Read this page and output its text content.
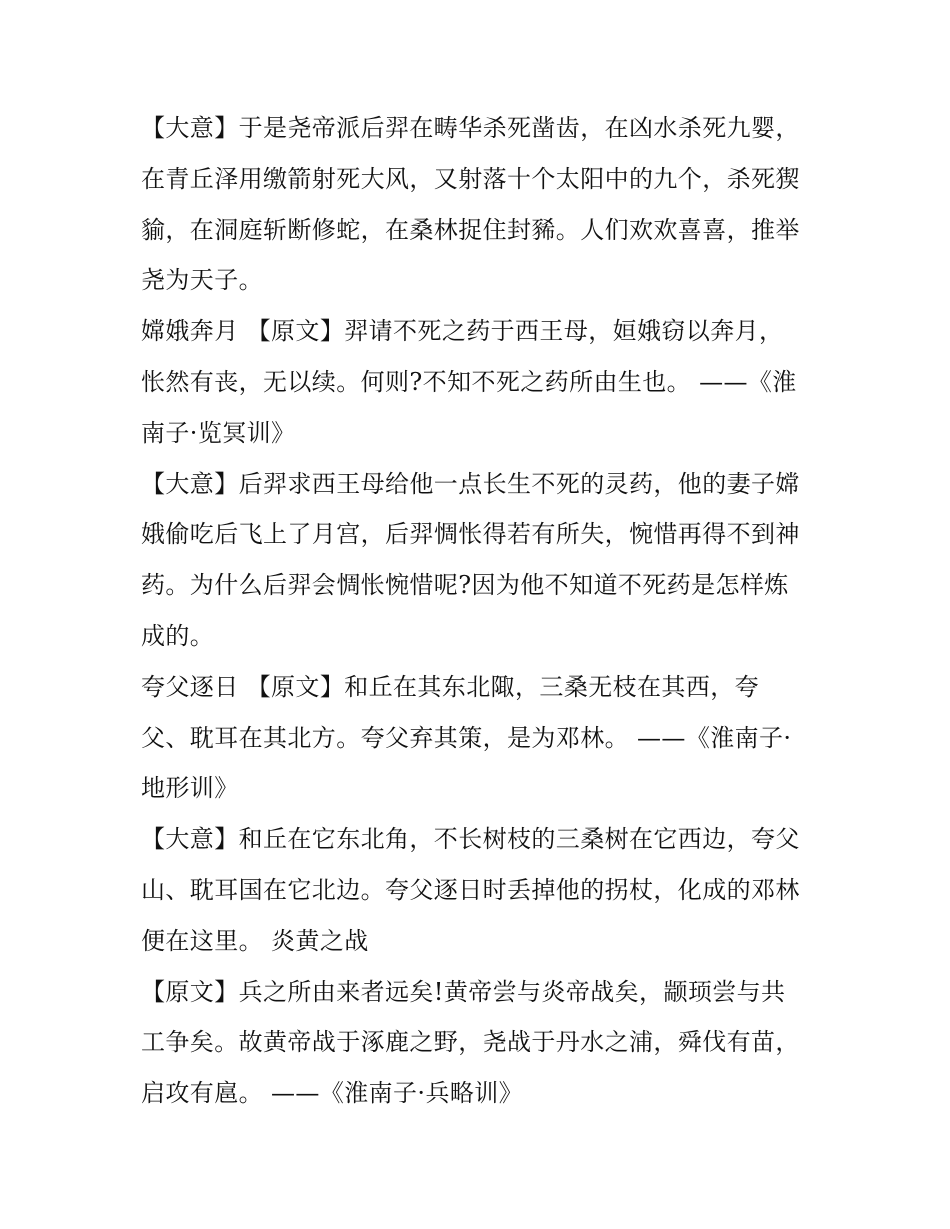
【大意】于是尧帝派后羿在畴华杀死凿齿，在凶水杀死九婴，
在青丘泽用缴箭射死大风，又射落十个太阳中的九个，杀死猰
貐，在洞庭斩断修蛇，在桑林捉住封豨。人们欢欢喜喜，推举
尧为天子。
嫦娥奔月 【原文】羿请不死之药于西王母，姮娥窃以奔月，
怅然有丧，无以续。何则?不知不死之药所由生也。 ——《淮
南子·览冥训》
【大意】后羿求西王母给他一点长生不死的灵药，他的妻子嫦
娥偷吃后飞上了月宫，后羿惆怅得若有所失，惋惜再得不到神
药。为什么后羿会惆怅惋惜呢?因为他不知道不死药是怎样炼
成的。
夸父逐日 【原文】和丘在其东北陬，三桑无枝在其西，夸
父、耽耳在其北方。夸父弃其策，是为邓林。 ——《淮南子·
地形训》
【大意】和丘在它东北角，不长树枝的三桑树在它西边，夸父
山、耽耳国在它北边。夸父逐日时丢掉他的拐杖，化成的邓林
便在这里。 炎黄之战
【原文】兵之所由来者远矣!黄帝尝与炎帝战矣，颛顼尝与共
工争矣。故黄帝战于涿鹿之野，尧战于丹水之浦，舜伐有苗，
启攻有扈。 ——《淮南子·兵略训》
